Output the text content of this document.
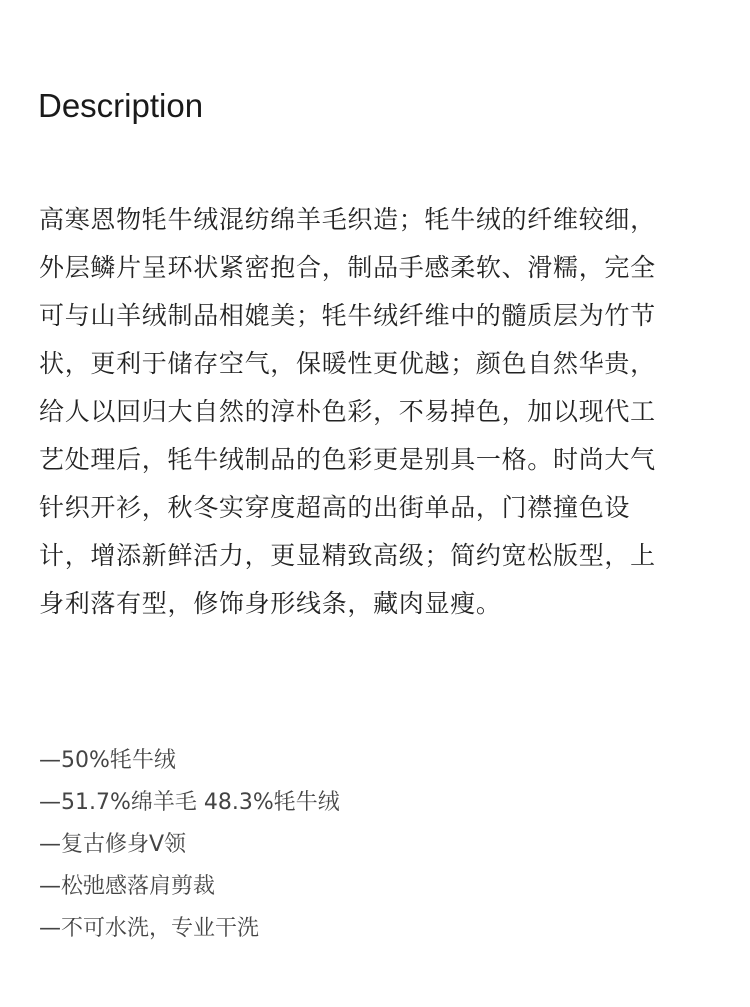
Description

高寒恩物牦牛绒混纺绵羊毛织造；牦牛绒的纤维较细，外层鳞片呈环状紧密抱合，制品手感柔软、滑糯，完全可与山羊绒制品相媲美；牦牛绒纤维中的髓质层为竹节状，更利于储存空气，保暖性更优越；颜色自然华贵，给人以回归大自然的淳朴色彩，不易掉色，加以现代工艺处理后，牦牛绒制品的色彩更是别具一格。时尚大气针织开衫，秋冬实穿度超高的出街单品，门襟撞色设计，增添新鲜活力，更显精致高级；简约宽松版型，上身利落有型，修饰身形线条，藏肉显瘦。

—50%牦牛绒
—51.7%绵羊毛 48.3%牦牛绒
—复古修身V领
—松弛感落肩剪裁
—不可水洗，专业干洗
